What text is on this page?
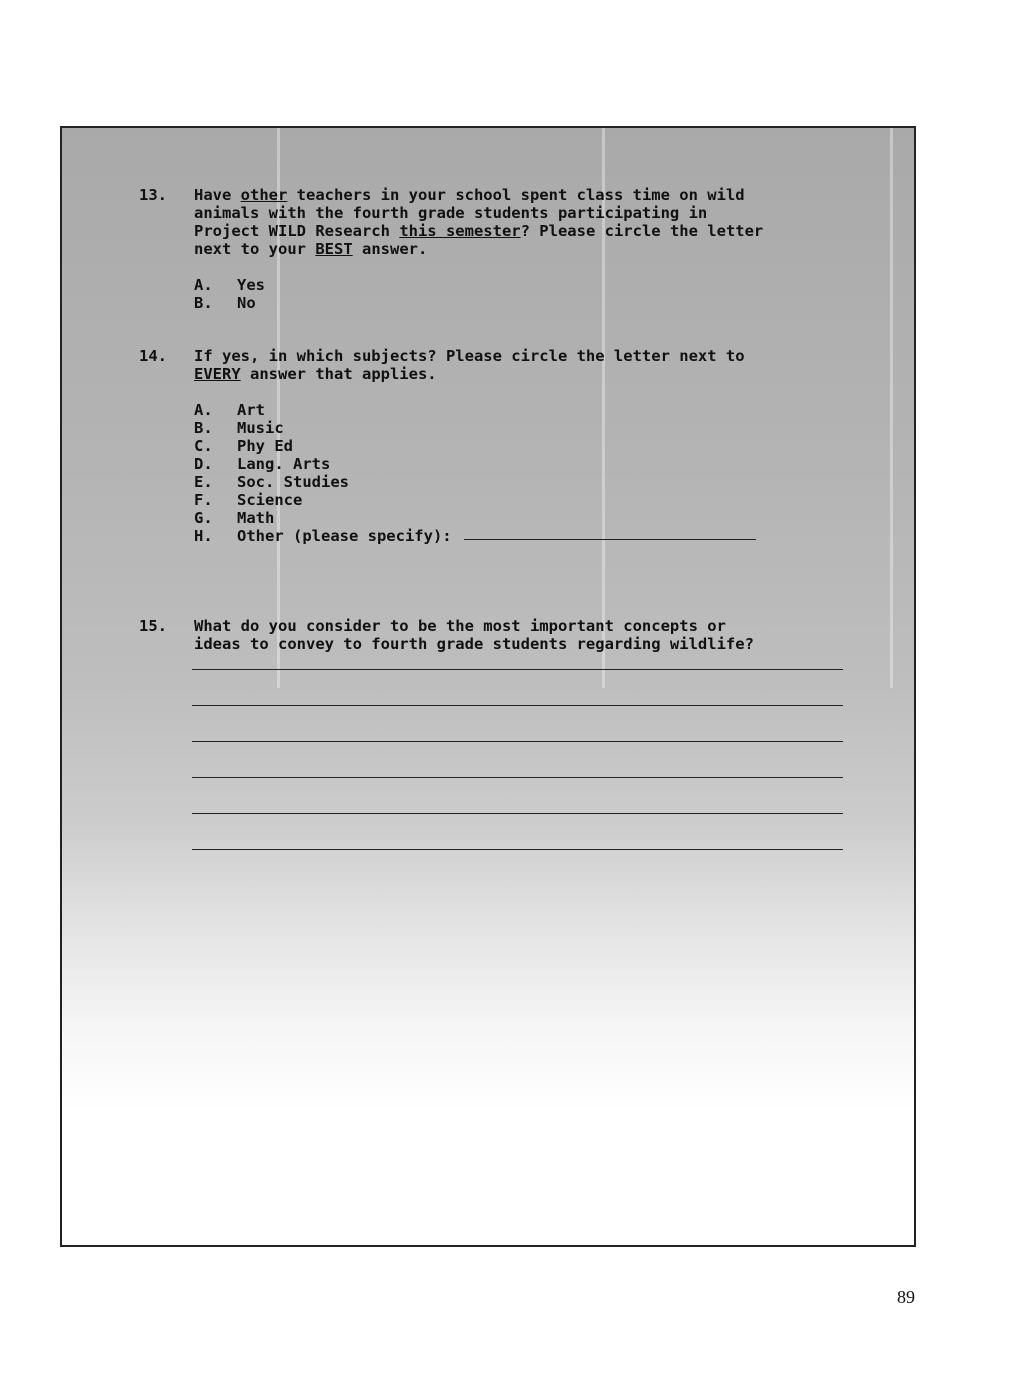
13. Have other teachers in your school spent class time on wild
animals with the fourth grade students participating in
Project WILD Research this semester? Please circle the letter
next to your BEST answer.

A.	Yes
B.	No
14. If yes, in which subjects? Please circle the letter next to
EVERY answer that applies.

A.	Art
B.	Music
C.	Phy Ed
D.	Lang. Arts
E.	Soc. Studies
F.	Science
G.	Math
H.	Other (please specify):
15. What do you consider to be the most important concepts or
ideas to convey to fourth grade students regarding wildlife?

89
